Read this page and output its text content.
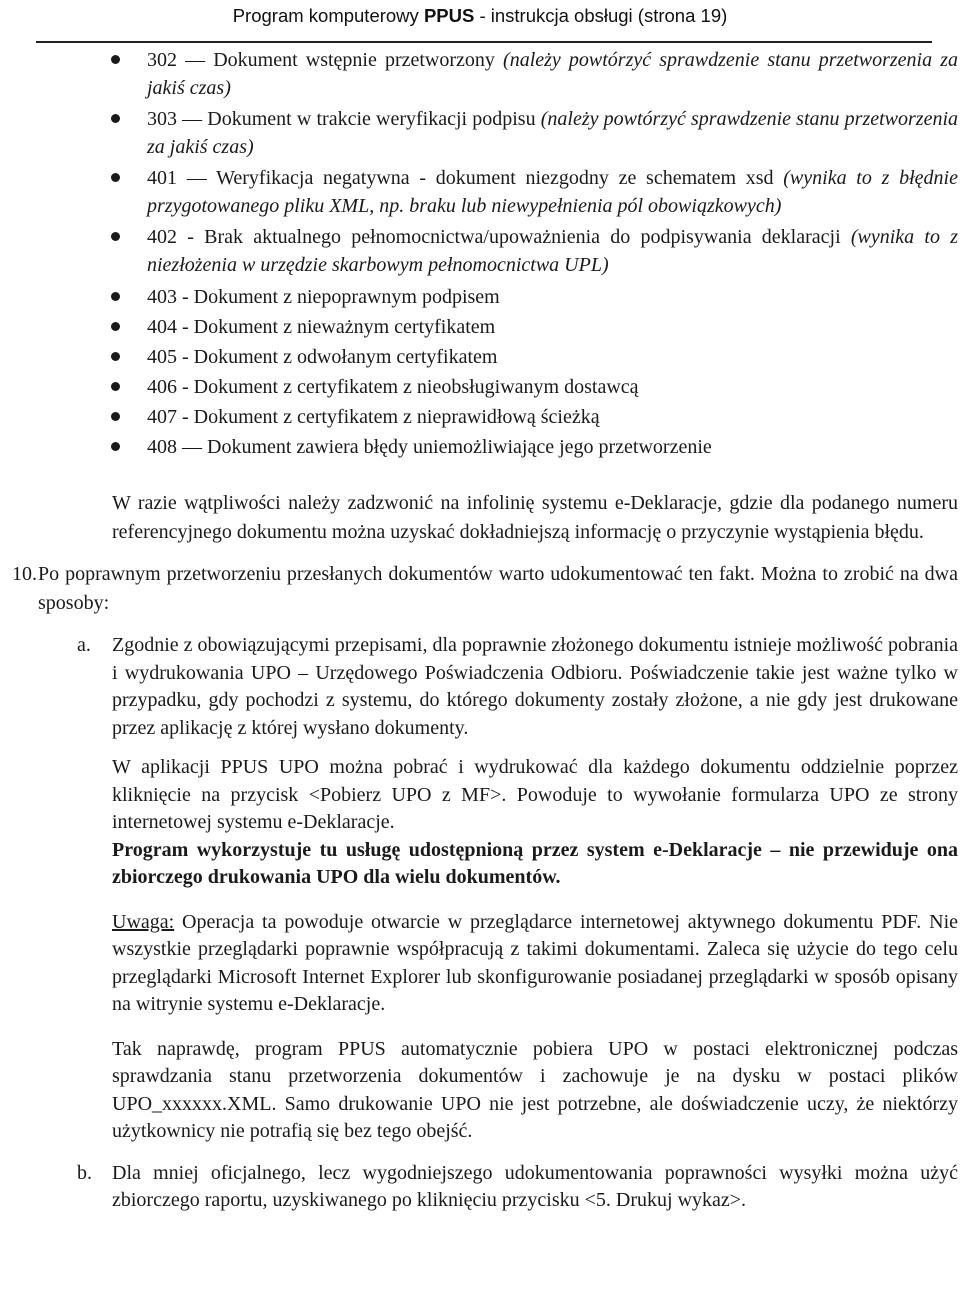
Program komputerowy PPUS - instrukcja obsługi (strona 19)
302 — Dokument wstępnie przetworzony (należy powtórzyć sprawdzenie stanu przetworzenia za jakiś czas)
303 — Dokument w trakcie weryfikacji podpisu (należy powtórzyć sprawdzenie stanu przetworzenia za jakiś czas)
401 — Weryfikacja negatywna - dokument niezgodny ze schematem xsd (wynika to z błędnie przygotowanego pliku XML, np. braku lub niewypełnienia pól obowiązkowych)
402 - Brak aktualnego pełnomocnictwa/upoważnienia do podpisywania deklaracji (wynika to z niezłożenia w urzędzie skarbowym pełnomocnictwa UPL)
403 - Dokument z niepoprawnym podpisem
404 - Dokument z nieważnym certyfikatem
405 - Dokument z odwołanym certyfikatem
406 - Dokument z certyfikatem z nieobsługiwanym dostawcą
407 - Dokument z certyfikatem z nieprawidłową ścieżką
408 — Dokument zawiera błędy uniemożliwiające jego przetworzenie

W razie wątpliwości należy zadzwonić na infolinię systemu e-Deklaracje, gdzie dla podanego numeru referencyjnego dokumentu można uzyskać dokładniejszą informację o przyczynie wystąpienia błędu.

10. Po poprawnym przetworzeniu przesłanych dokumentów warto udokumentować ten fakt. Można to zrobić na dwa sposoby:
a. Zgodnie z obowiązującymi przepisami, dla poprawnie złożonego dokumentu istnieje możliwość pobrania i wydrukowania UPO – Urzędowego Poświadczenia Odbioru. Poświadczenie takie jest ważne tylko w przypadku, gdy pochodzi z systemu, do którego dokumenty zostały złożone, a nie gdy jest drukowane przez aplikację z której wysłano dokumenty.
W aplikacji PPUS UPO można pobrać i wydrukować dla każdego dokumentu oddzielnie poprzez kliknięcie na przycisk <Pobierz UPO z MF>. Powoduje to wywołanie formularza UPO ze strony internetowej systemu e-Deklaracje.
Program wykorzystuje tu usługę udostępnioną przez system e-Deklaracje – nie przewiduje ona zbiorczego drukowania UPO dla wielu dokumentów.
Uwaga: Operacja ta powoduje otwarcie w przeglądarce internetowej aktywnego dokumentu PDF. Nie wszystkie przeglądarki poprawnie współpracują z takimi dokumentami. Zaleca się użycie do tego celu przeglądarki Microsoft Internet Explorer lub skonfigurowanie posiadanej przeglądarki w sposób opisany na witrynie systemu e-Deklaracje.
Tak naprawdę, program PPUS automatycznie pobiera UPO w postaci elektronicznej podczas sprawdzania stanu przetworzenia dokumentów i zachowuje je na dysku w postaci plików UPO_xxxxxx.XML. Samo drukowanie UPO nie jest potrzebne, ale doświadczenie uczy, że niektórzy użytkownicy nie potrafią się bez tego obejść.
b. Dla mniej oficjalnego, lecz wygodniejszego udokumentowania poprawności wysyłki można użyć zbiorczego raportu, uzyskiwanego po kliknięciu przycisku <5. Drukuj wykaz>.
